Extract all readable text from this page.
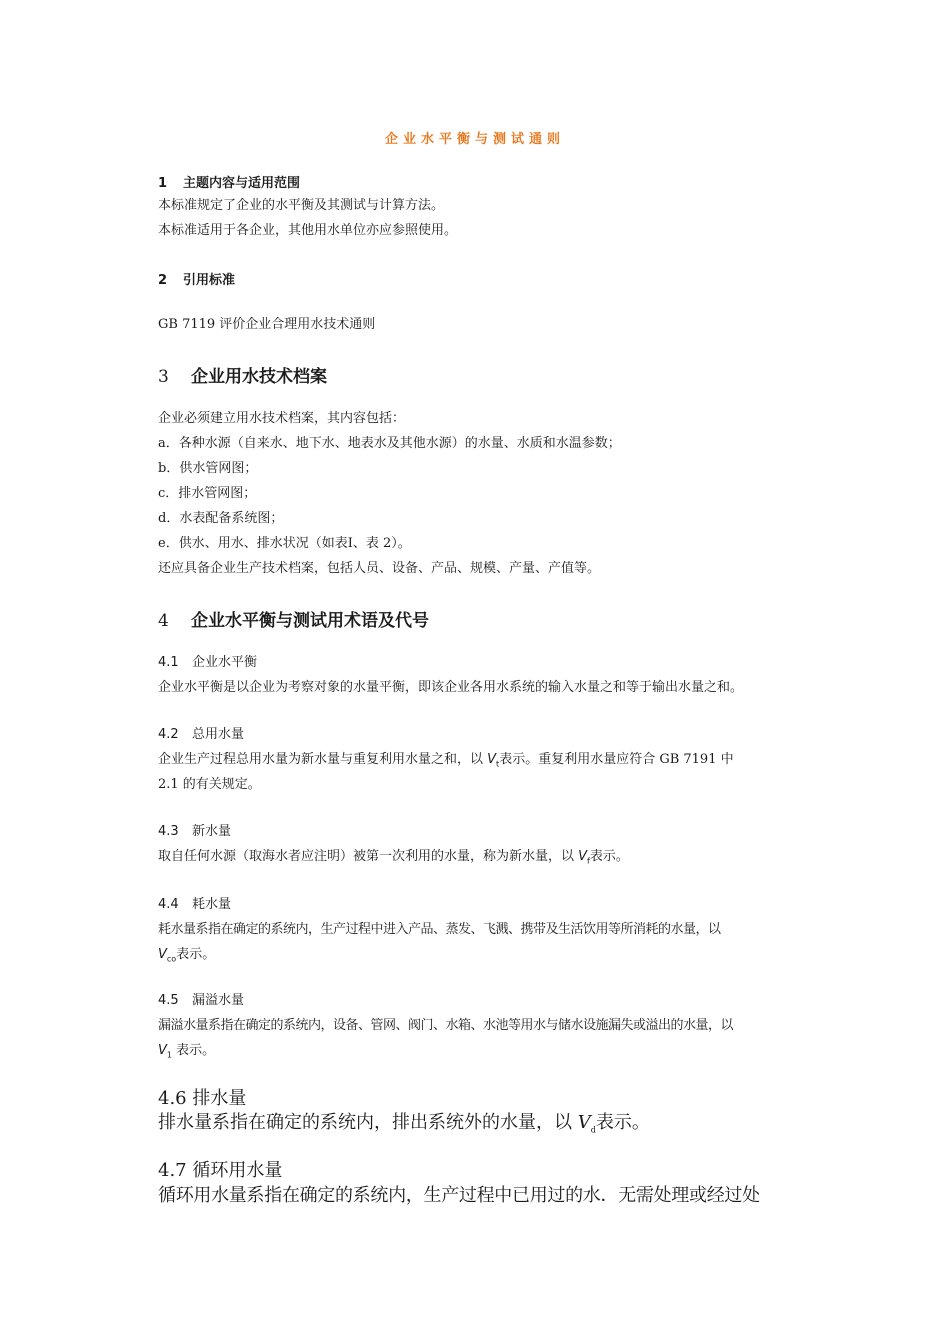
企业水平衡与测试通则
1 主题内容与适用范围
本标准规定了企业的水平衡及其测试与计算方法。
本标准适用于各企业，其他用水单位亦应参照使用。
2 引用标准
GB 7119 评价企业合理用水技术通则
3 企业用水技术档案
企业必须建立用水技术档案，其内容包括：
a．各种水源（自来水、地下水、地表水及其他水源）的水量、水质和水温参数；
b．供水管网图；
c．排水管网图；
d．水表配备系统图；
e．供水、用水、排水状况（如表Ⅰ、表 2）。
还应具备企业生产技术档案，包括人员、设备、产品、规模、产量、产值等。
4 企业水平衡与测试用术语及代号
4.1 企业水平衡
企业水平衡是以企业为考察对象的水量平衡，即该企业各用水系统的输入水量之和等于输出水量之和。
4.2 总用水量
企业生产过程总用水量为新水量与重复利用水量之和，以 $V_t$表示。重复利用水量应符合 GB 7191 中
2.1 的有关规定。
4.3 新水量
取自任何水源（取海水者应注明）被第一次利用的水量，称为新水量，以 $V_f$表示。
4.4 耗水量
耗水量系指在确定的系统内，生产过程中进入产品、蒸发、飞溅、携带及生活饮用等所消耗的水量，以
$V_{co}$表示。
4.5 漏溢水量
漏溢水量系指在确定的系统内，设备、管网、阀门、水箱、水池等用水与储水设施漏失或溢出的水量，以
$V_1$ 表示。
4.6 排水量
排水量系指在确定的系统内，排出系统外的水量，以 $V_d$表示。
4.7 循环用水量
循环用水量系指在确定的系统内，生产过程中已用过的水．无需处理或经过处
